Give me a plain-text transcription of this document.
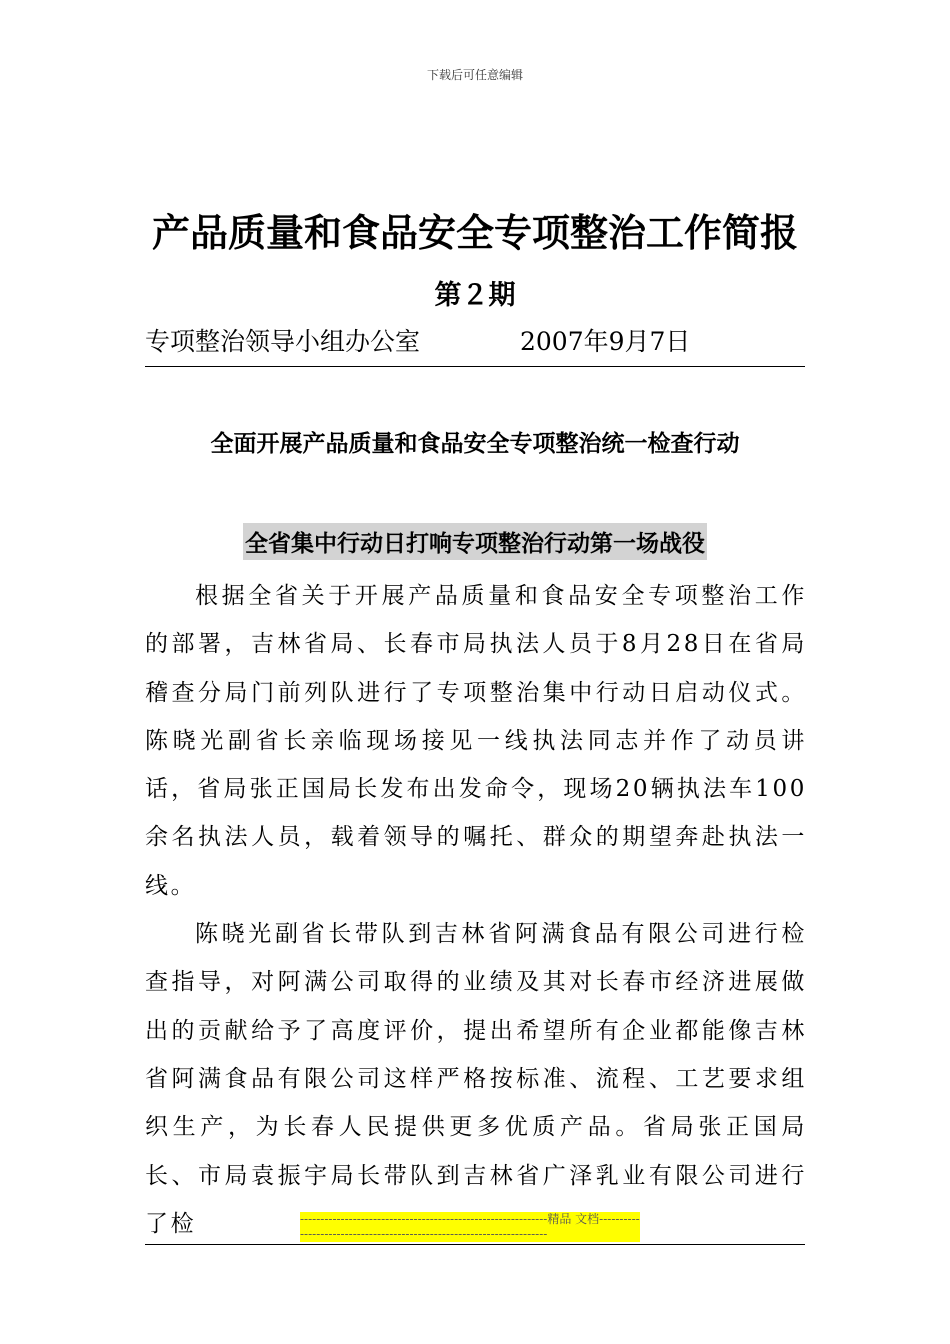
下载后可任意编辑
产品质量和食品安全专项整治工作简报
第２期
专项整治领导小组办公室	2007年9月7日
全面开展产品质量和食品安全专项整治统一检查行动
全省集中行动日打响专项整治行动第一场战役

根据全省关于开展产品质量和食品安全专项整治工作的部署，吉林省局、长春市局执法人员于8月28日在省局稽查分局门前列队进行了专项整治集中行动日启动仪式。陈晓光副省长亲临现场接见一线执法同志并作了动员讲话，省局张正国局长发布出发命令，现场20辆执法车100余名执法人员，载着领导的嘱托、群众的期望奔赴执法一线。

陈晓光副省长带队到吉林省阿满食品有限公司进行检查指导，对阿满公司取得的业绩及其对长春市经济进展做出的贡献给予了高度评价，提出希望所有企业都能像吉林省阿满食品有限公司这样严格按标准、流程、工艺要求组织生产，为长春人民提供更多优质产品。省局张正国局长、市局袁振宇局长带队到吉林省广泽乳业有限公司进行了检	-------------------------------------------------------------精品 文档-----------------------------------------------------------------------
